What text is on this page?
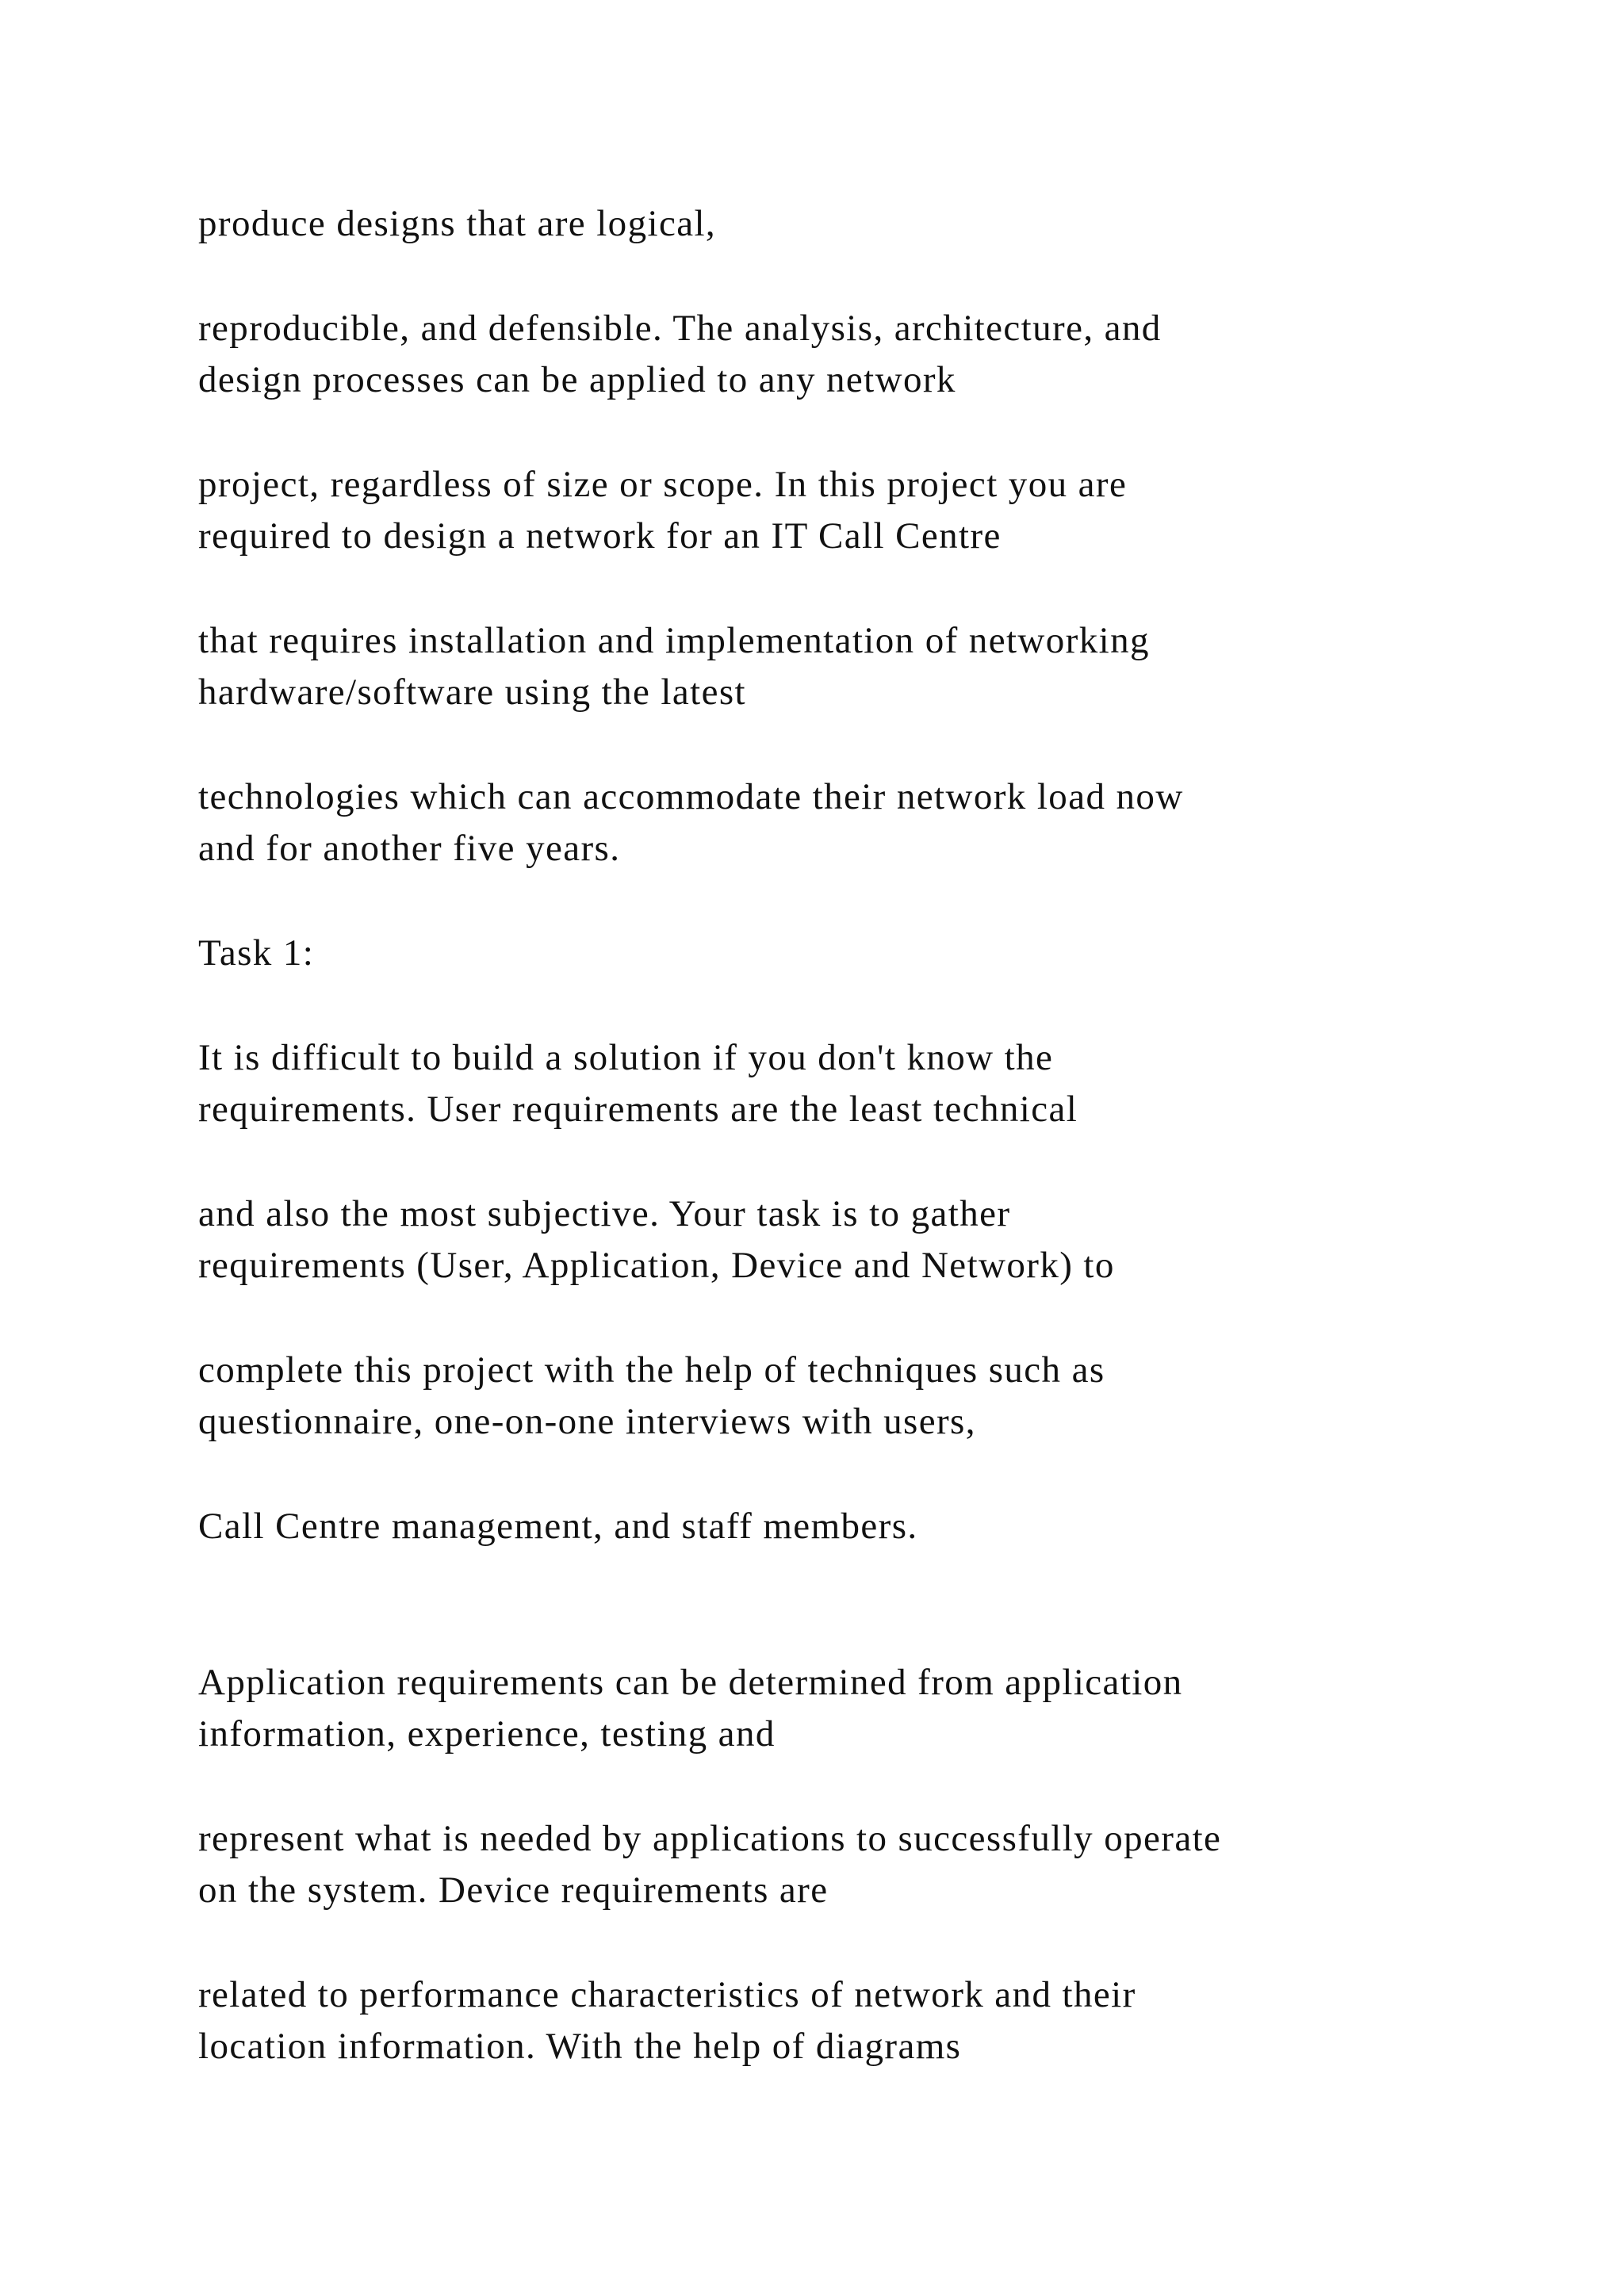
produce designs that are logical,

reproducible, and defensible. The analysis, architecture, and
design processes can be applied to any network

project, regardless of size or scope. In this project you are
required to design a network for an IT Call Centre

that requires installation and implementation of networking
hardware/software using the latest

technologies which can accommodate their network load now
and for another five years.

Task 1:

It is difficult to build a solution if you don't know the
requirements. User requirements are the least technical

and also the most subjective. Your task is to gather
requirements (User, Application, Device and Network) to

complete this project with the help of techniques such as
questionnaire, one-on-one interviews with users,

Call Centre management, and staff members.

Application requirements can be determined from application
information, experience, testing and

represent what is needed by applications to successfully operate
on the system. Device requirements are

related to performance characteristics of network and their
location information. With the help of diagrams
